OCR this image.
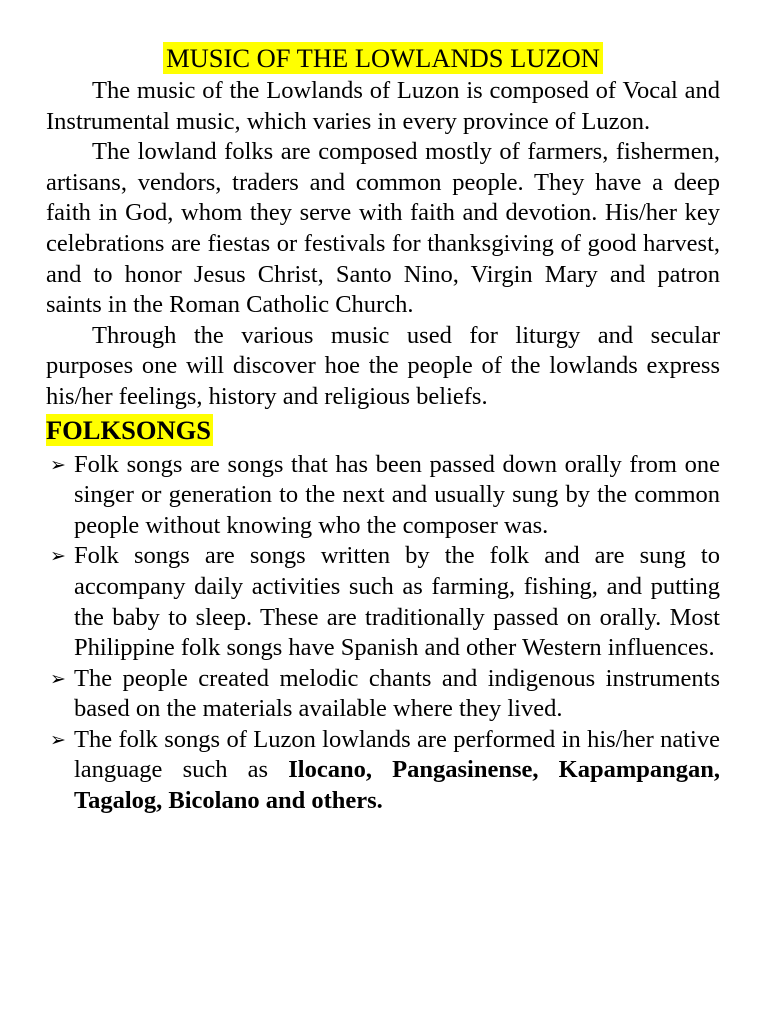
MUSIC OF THE LOWLANDS LUZON

The music of the Lowlands of Luzon is composed of Vocal and Instrumental music, which varies in every province of Luzon.

The lowland folks are composed mostly of farmers, fishermen, artisans, vendors, traders and common people. They have a deep faith in God, whom they serve with faith and devotion. His/her key celebrations are fiestas or festivals for thanksgiving of good harvest, and to honor Jesus Christ, Santo Nino, Virgin Mary and patron saints in the Roman Catholic Church.

Through the various music used for liturgy and secular purposes one will discover hoe the people of the lowlands express his/her feelings, history and religious beliefs.

FOLKSONGS
➢ Folk songs are songs that has been passed down orally from one singer or generation to the next and usually sung by the common people without knowing who the composer was.
➢ Folk songs are songs written by the folk and are sung to accompany daily activities such as farming, fishing, and putting the baby to sleep. These are traditionally passed on orally. Most Philippine folk songs have Spanish and other Western influences.
➢ The people created melodic chants and indigenous instruments based on the materials available where they lived.
➢ The folk songs of Luzon lowlands are performed in his/her native language such as Ilocano, Pangasinense, Kapampangan, Tagalog, Bicolano and others.
